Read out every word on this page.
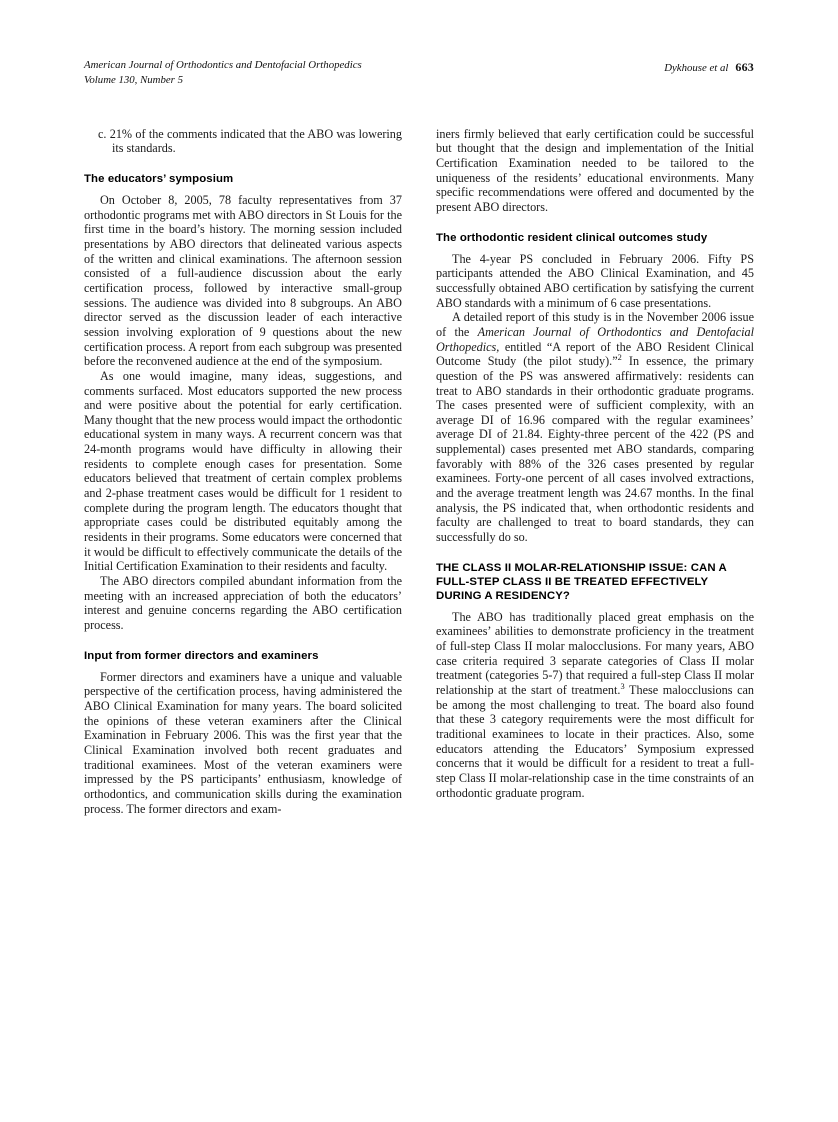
American Journal of Orthodontics and Dentofacial Orthopedics
Volume 130, Number 5
Dykhouse et al 663

c. 21% of the comments indicated that the ABO was lowering its standards.

The educators’ symposium

On October 8, 2005, 78 faculty representatives from 37 orthodontic programs met with ABO directors in St Louis for the first time in the board’s history. The morning session included presentations by ABO directors that delineated various aspects of the written and clinical examinations. The afternoon session consisted of a full-audience discussion about the early certification process, followed by interactive small-group sessions. The audience was divided into 8 subgroups. An ABO director served as the discussion leader of each interactive session involving exploration of 9 questions about the new certification process. A report from each subgroup was presented before the reconvened audience at the end of the symposium.

As one would imagine, many ideas, suggestions, and comments surfaced. Most educators supported the new process and were positive about the potential for early certification. Many thought that the new process would impact the orthodontic educational system in many ways. A recurrent concern was that 24-month programs would have difficulty in allowing their residents to complete enough cases for presentation. Some educators believed that treatment of certain complex problems and 2-phase treatment cases would be difficult for 1 resident to complete during the program length. The educators thought that appropriate cases could be distributed equitably among the residents in their programs. Some educators were concerned that it would be difficult to effectively communicate the details of the Initial Certification Examination to their residents and faculty.

The ABO directors compiled abundant information from the meeting with an increased appreciation of both the educators’ interest and genuine concerns regarding the ABO certification process.

Input from former directors and examiners

Former directors and examiners have a unique and valuable perspective of the certification process, having administered the ABO Clinical Examination for many years. The board solicited the opinions of these veteran examiners after the Clinical Examination in February 2006. This was the first year that the Clinical Examination involved both recent graduates and traditional examinees. Most of the veteran examiners were impressed by the PS participants’ enthusiasm, knowledge of orthodontics, and communication skills during the examination process. The former directors and exam-

iners firmly believed that early certification could be successful but thought that the design and implementation of the Initial Certification Examination needed to be tailored to the uniqueness of the residents’ educational environments. Many specific recommendations were offered and documented by the present ABO directors.

The orthodontic resident clinical outcomes study

The 4-year PS concluded in February 2006. Fifty PS participants attended the ABO Clinical Examination, and 45 successfully obtained ABO certification by satisfying the current ABO standards with a minimum of 6 case presentations.

A detailed report of this study is in the November 2006 issue of the American Journal of Orthodontics and Dentofacial Orthopedics, entitled “A report of the ABO Resident Clinical Outcome Study (the pilot study).”$^2$ In essence, the primary question of the PS was answered affirmatively: residents can treat to ABO standards in their orthodontic graduate programs. The cases presented were of sufficient complexity, with an average DI of 16.96 compared with the regular examinees’ average DI of 21.84. Eighty-three percent of the 422 (PS and supplemental) cases presented met ABO standards, comparing favorably with 88% of the 326 cases presented by regular examinees. Forty-one percent of all cases involved extractions, and the average treatment length was 24.67 months. In the final analysis, the PS indicated that, when orthodontic residents and faculty are challenged to treat to board standards, they can successfully do so.

THE CLASS II MOLAR-RELATIONSHIP ISSUE: CAN A FULL-STEP CLASS II BE TREATED EFFECTIVELY DURING A RESIDENCY?

The ABO has traditionally placed great emphasis on the examinees’ abilities to demonstrate proficiency in the treatment of full-step Class II molar malocclusions. For many years, ABO case criteria required 3 separate categories of Class II molar treatment (categories 5-7) that required a full-step Class II molar relationship at the start of treatment.$^3$ These malocclusions can be among the most challenging to treat. The board also found that these 3 category requirements were the most difficult for traditional examinees to locate in their practices. Also, some educators attending the Educators’ Symposium expressed concerns that it would be difficult for a resident to treat a full-step Class II molar-relationship case in the time constraints of an orthodontic graduate program.
